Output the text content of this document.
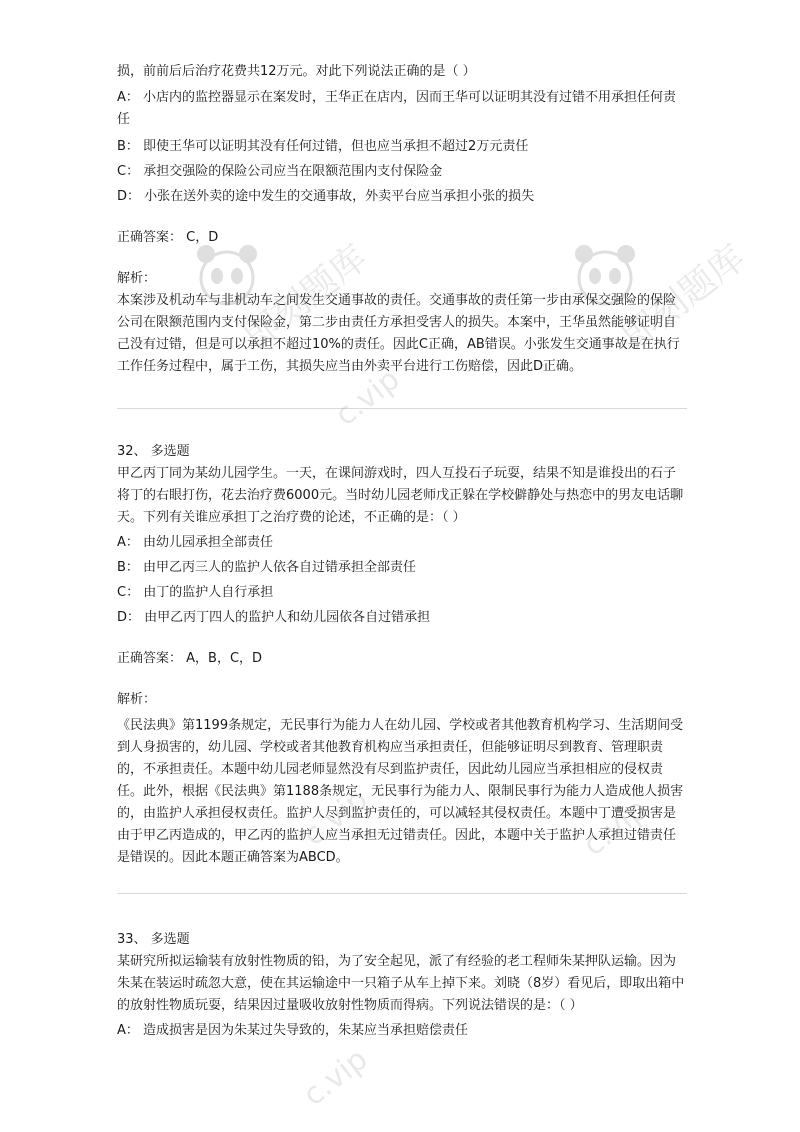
损，前前后后治疗花费共12万元。对此下列说法正确的是（ ）
A： 小店内的监控器显示在案发时，王华正在店内，因而王华可以证明其没有过错不用承担任何责任
B： 即使王华可以证明其没有任何过错，但也应当承担不超过2万元责任
C： 承担交强险的保险公司应当在限额范围内支付保险金
D： 小张在送外卖的途中发生的交通事故，外卖平台应当承担小张的损失
正确答案： C，D
解析：
本案涉及机动车与非机动车之间发生交通事故的责任。交通事故的责任第一步由承保交强险的保险公司在限额范围内支付保险金，第二步由责任方承担受害人的损失。本案中，王华虽然能够证明自己没有过错，但是可以承担不超过10%的责任。因此C正确，AB错误。小张发生交通事故是在执行工作任务过程中，属于工伤，其损失应当由外卖平台进行工伤赔偿，因此D正确。
32、 多选题
甲乙丙丁同为某幼儿园学生。一天，在课间游戏时，四人互投石子玩耍，结果不知是谁投出的石子将丁的右眼打伤，花去治疗费6000元。当时幼儿园老师戊正躲在学校僻静处与热恋中的男友电话聊天。下列有关谁应承担丁之治疗费的论述，不正确的是：（ ）
A： 由幼儿园承担全部责任
B： 由甲乙丙三人的监护人依各自过错承担全部责任
C： 由丁的监护人自行承担
D： 由甲乙丙丁四人的监护人和幼儿园依各自过错承担
正确答案： A，B，C，D
解析：
《民法典》第1199条规定，无民事行为能力人在幼儿园、学校或者其他教育机构学习、生活期间受到人身损害的，幼儿园、学校或者其他教育机构应当承担责任，但能够证明尽到教育、管理职责的，不承担责任。本题中幼儿园老师显然没有尽到监护责任，因此幼儿园应当承担相应的侵权责任。此外，根据《民法典》第1188条规定，无民事行为能力人、限制民事行为能力人造成他人损害的，由监护人承担侵权责任。监护人尽到监护责任的，可以减轻其侵权责任。本题中丁遭受损害是由于甲乙丙造成的，甲乙丙的监护人应当承担无过错责任。因此，本题中关于监护人承担过错责任是错误的。因此本题正确答案为ABCD。
33、 多选题
某研究所拟运输装有放射性物质的铅，为了安全起见，派了有经验的老工程师朱某押队运输。因为朱某在装运时疏忽大意，使在其运输途中一只箱子从车上掉下来。刘晓（8岁）看见后，即取出箱中的放射性物质玩耍，结果因过量吸收放射性物质而得病。下列说法错误的是：（ ）
A： 造成损害是因为朱某过失导致的，朱某应当承担赔偿责任
即刻题库
c.vip
即刻题库
c.vip	c.vip
c.vip
